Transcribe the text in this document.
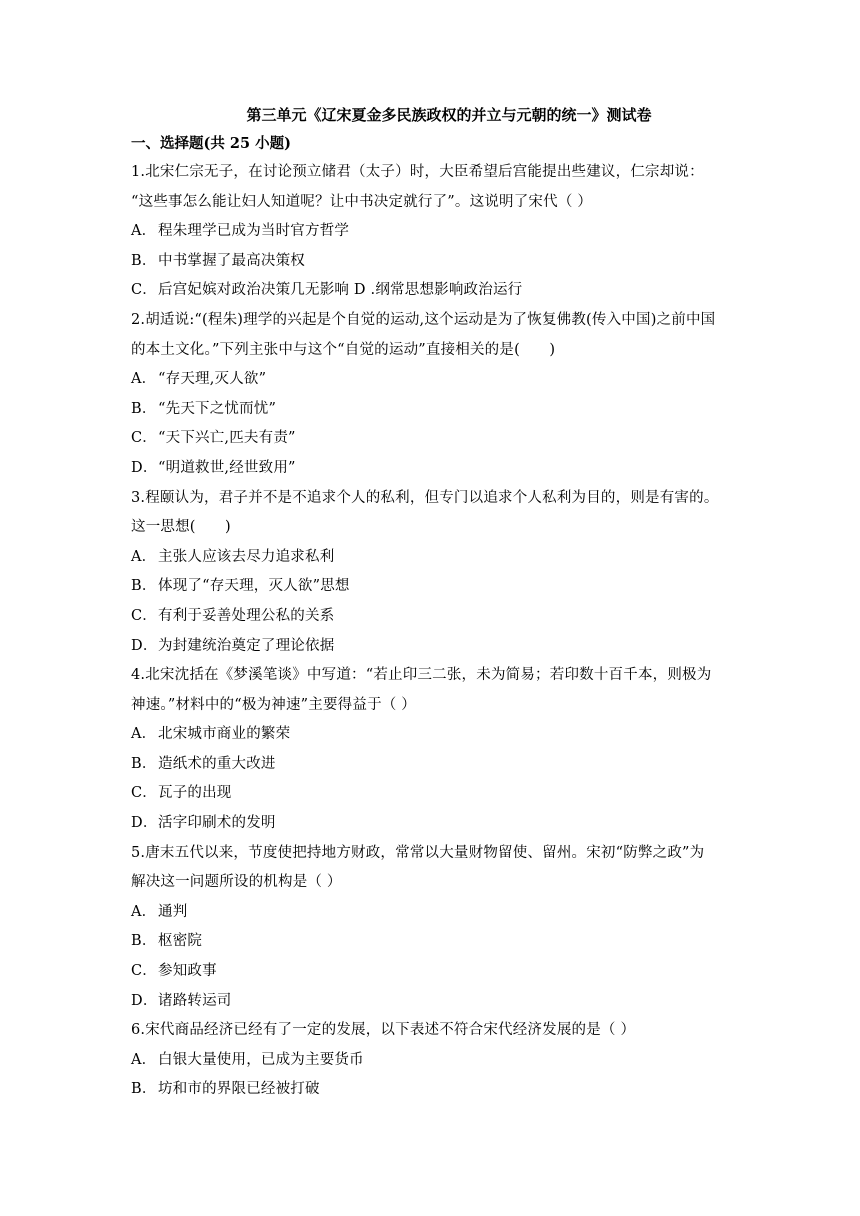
第三单元《辽宋夏金多民族政权的并立与元朝的统一》测试卷
一、选择题(共 25 小题)
1.北宋仁宗无子，在讨论预立储君（太子）时，大臣希望后宫能提出些建议，仁宗却说：
“这些事怎么能让妇人知道呢？让中书决定就行了”。这说明了宋代（ ）
A． 程朱理学已成为当时官方哲学
B．中书掌握了最高决策权
C．后宫妃嫔对政治决策几无影响 D .纲常思想影响政治运行
2.胡适说:“(程朱)理学的兴起是个自觉的运动,这个运动是为了恢复佛教(传入中国)之前中国
的本土文化。”下列主张中与这个“自觉的运动”直接相关的是(　　)
A． “存天理,灭人欲”
B．“先天下之忧而忧”
C．“天下兴亡,匹夫有责”
D．“明道救世,经世致用”
3.程颐认为，君子并不是不追求个人的私利，但专门以追求个人私利为目的，则是有害的。
这一思想(　　)
A． 主张人应该去尽力追求私利
B．体现了“存天理，灭人欲”思想
C．有利于妥善处理公私的关系
D．为封建统治奠定了理论依据
4.北宋沈括在《梦溪笔谈》中写道：“若止印三二张，未为简易；若印数十百千本，则极为
神速。”材料中的“极为神速”主要得益于（ ）
A． 北宋城市商业的繁荣
B．造纸术的重大改进
C．瓦子的出现
D．活字印刷术的发明
5.唐末五代以来，节度使把持地方财政，常常以大量财物留使、留州。宋初“防弊之政”为
解决这一问题所设的机构是（ ）
A． 通判
B．枢密院
C．参知政事
D．诸路转运司
6.宋代商品经济已经有了一定的发展，以下表述不符合宋代经济发展的是（ ）
A． 白银大量使用，已成为主要货币
B．坊和市的界限已经被打破
